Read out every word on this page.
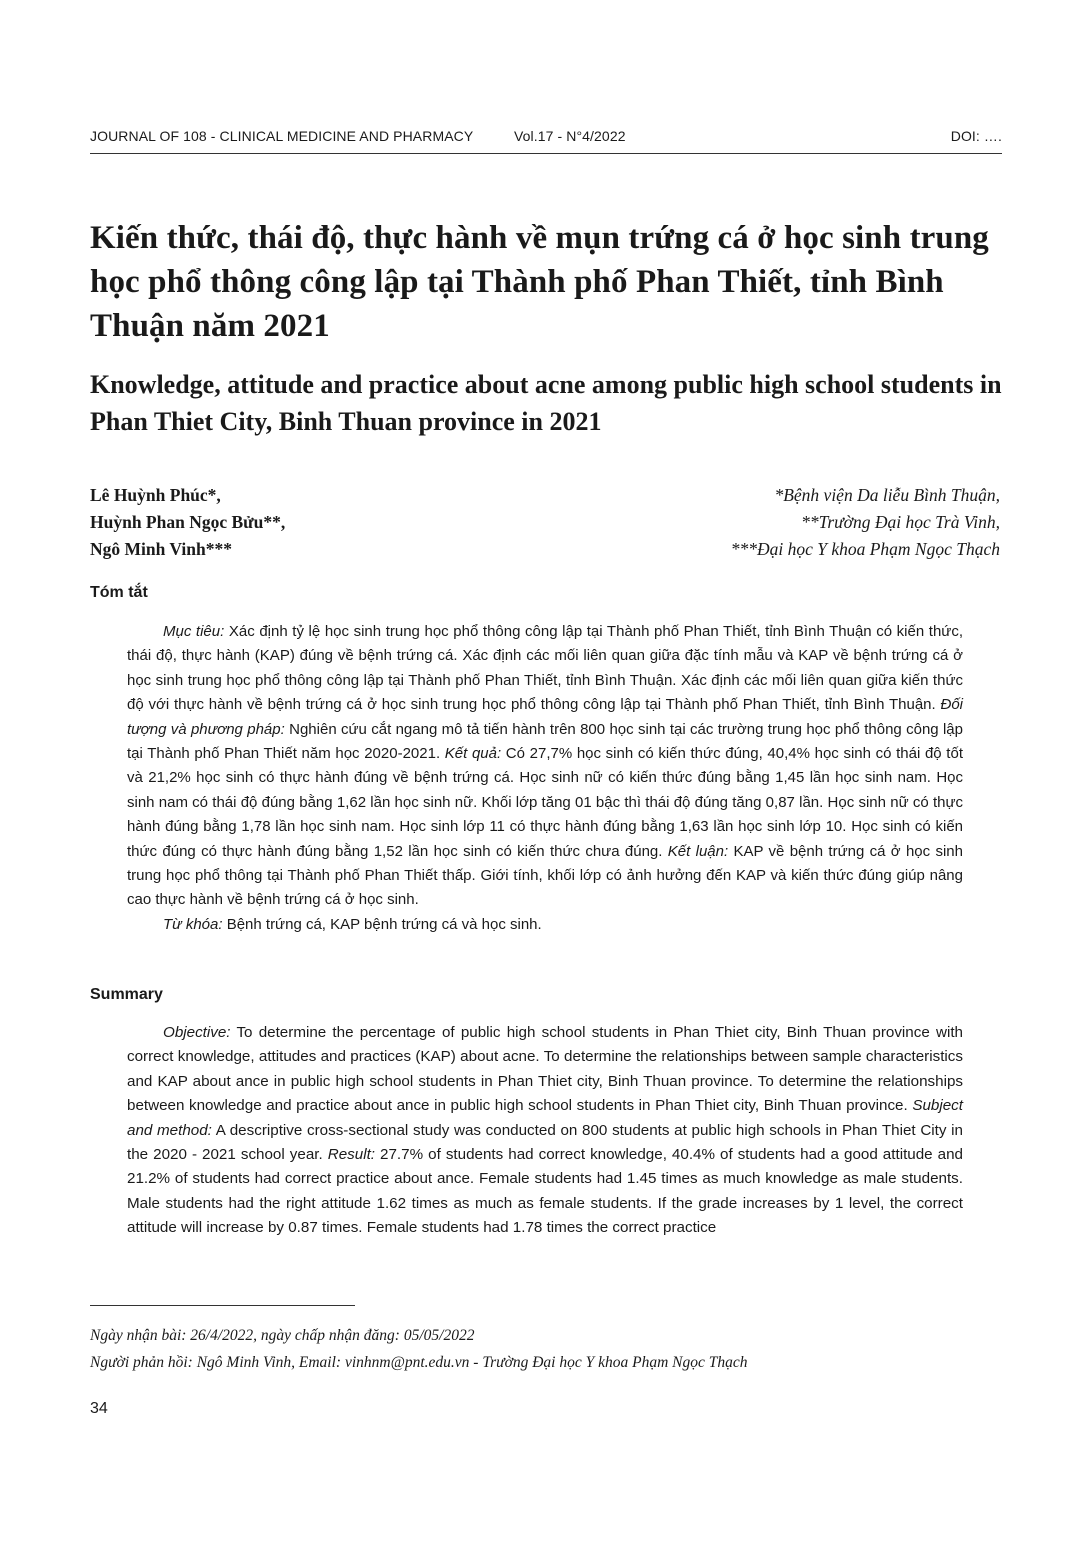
JOURNAL OF 108 - CLINICAL MEDICINE AND PHARMACY	Vol.17 - N°4/2022	DOI: ….
Kiến thức, thái độ, thực hành về mụn trứng cá ở học sinh trung học phổ thông công lập tại Thành phố Phan Thiết, tỉnh Bình Thuận năm 2021
Knowledge, attitude and practice about acne among public high school students in Phan Thiet City, Binh Thuan province in 2021
Lê Huỳnh Phúc*,
Huỳnh Phan Ngọc Bửu**,
Ngô Minh Vinh***
*Bệnh viện Da liễu Bình Thuận,
**Trường Đại học Trà Vinh,
***Đại học Y khoa Phạm Ngọc Thạch
Tóm tắt

Mục tiêu: Xác định tỷ lệ học sinh trung học phổ thông công lập tại Thành phố Phan Thiết, tỉnh Bình Thuận có kiến thức, thái độ, thực hành (KAP) đúng về bệnh trứng cá. Xác định các mối liên quan giữa đặc tính mẫu và KAP về bệnh trứng cá ở học sinh trung học phổ thông công lập tại Thành phố Phan Thiết, tỉnh Bình Thuận. Xác định các mối liên quan giữa kiến thức độ với thực hành về bệnh trứng cá ở học sinh trung học phổ thông công lập tại Thành phố Phan Thiết, tỉnh Bình Thuận. Đối tượng và phương pháp: Nghiên cứu cắt ngang mô tả tiến hành trên 800 học sinh tại các trường trung học phổ thông công lập tại Thành phố Phan Thiết năm học 2020-2021. Kết quả: Có 27,7% học sinh có kiến thức đúng, 40,4% học sinh có thái độ tốt và 21,2% học sinh có thực hành đúng về bệnh trứng cá. Học sinh nữ có kiến thức đúng bằng 1,45 lần học sinh nam. Học sinh nam có thái độ đúng bằng 1,62 lần học sinh nữ. Khối lớp tăng 01 bậc thì thái độ đúng tăng 0,87 lần. Học sinh nữ có thực hành đúng bằng 1,78 lần học sinh nam. Học sinh lớp 11 có thực hành đúng bằng 1,63 lần học sinh lớp 10. Học sinh có kiến thức đúng có thực hành đúng bằng 1,52 lần học sinh có kiến thức chưa đúng. Kết luận: KAP về bệnh trứng cá ở học sinh trung học phổ thông tại Thành phố Phan Thiết thấp. Giới tính, khối lớp có ảnh hưởng đến KAP và kiến thức đúng giúp nâng cao thực hành về bệnh trứng cá ở học sinh.

Từ khóa: Bệnh trứng cá, KAP bệnh trứng cá và học sinh.

Summary

Objective: To determine the percentage of public high school students in Phan Thiet city, Binh Thuan province with correct knowledge, attitudes and practices (KAP) about acne. To determine the relationships between sample characteristics and KAP about ance in public high school students in Phan Thiet city, Binh Thuan province. To determine the relationships between knowledge and practice about ance in public high school students in Phan Thiet city, Binh Thuan province. Subject and method: A descriptive cross-sectional study was conducted on 800 students at public high schools in Phan Thiet City in the 2020 - 2021 school year. Result: 27.7% of students had correct knowledge, 40.4% of students had a good attitude and 21.2% of students had correct practice about ance. Female students had 1.45 times as much knowledge as male students. Male students had the right attitude 1.62 times as much as female students. If the grade increases by 1 level, the correct attitude will increase by 0.87 times. Female students had 1.78 times the correct practice

Ngày nhận bài: 26/4/2022, ngày chấp nhận đăng: 05/05/2022
Người phản hồi: Ngô Minh Vinh, Email: vinhnm@pnt.edu.vn - Trường Đại học Y khoa Phạm Ngọc Thạch
34
